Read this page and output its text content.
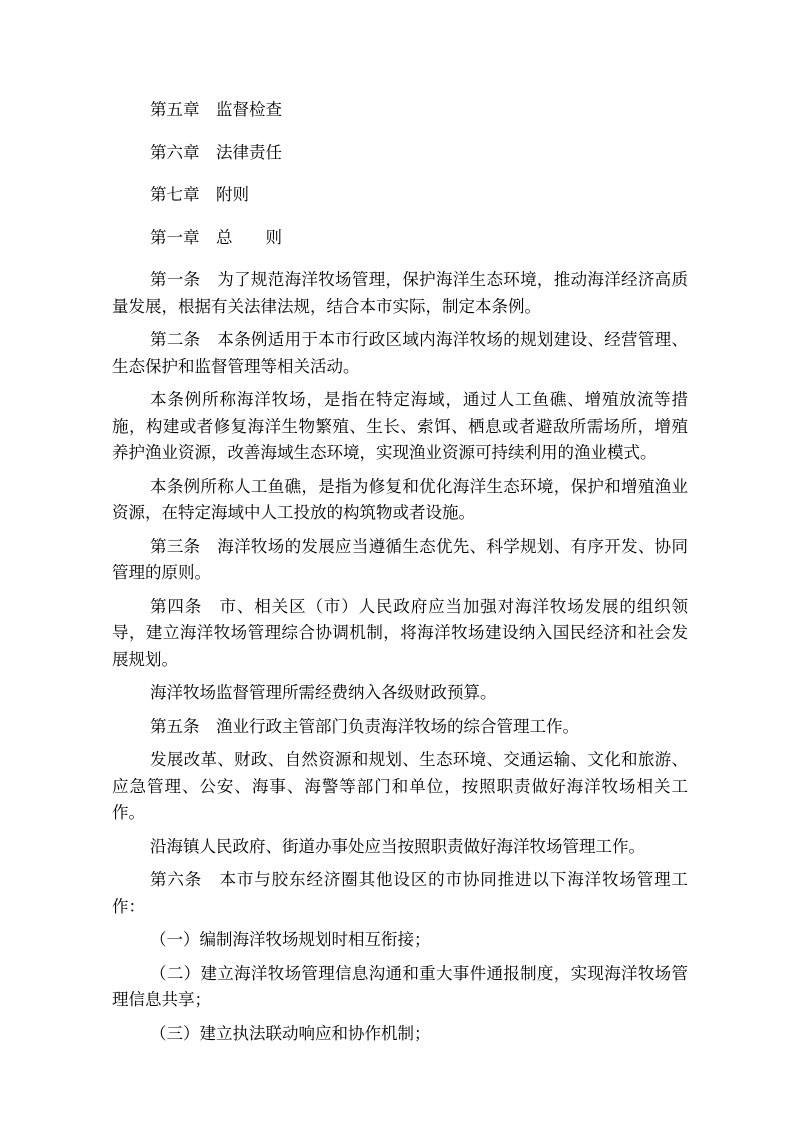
第五章　监督检查

第六章　法律责任

第七章　附则

第一章　总　　则

第一条　为了规范海洋牧场管理，保护海洋生态环境，推动海洋经济高质量发展，根据有关法律法规，结合本市实际，制定本条例。

第二条　本条例适用于本市行政区域内海洋牧场的规划建设、经营管理、生态保护和监督管理等相关活动。

本条例所称海洋牧场，是指在特定海域，通过人工鱼礁、增殖放流等措施，构建或者修复海洋生物繁殖、生长、索饵、栖息或者避敌所需场所，增殖养护渔业资源，改善海域生态环境，实现渔业资源可持续利用的渔业模式。

本条例所称人工鱼礁，是指为修复和优化海洋生态环境，保护和增殖渔业资源，在特定海域中人工投放的构筑物或者设施。

第三条　海洋牧场的发展应当遵循生态优先、科学规划、有序开发、协同管理的原则。

第四条　市、相关区（市）人民政府应当加强对海洋牧场发展的组织领导，建立海洋牧场管理综合协调机制，将海洋牧场建设纳入国民经济和社会发展规划。

海洋牧场监督管理所需经费纳入各级财政预算。

第五条　渔业行政主管部门负责海洋牧场的综合管理工作。

发展改革、财政、自然资源和规划、生态环境、交通运输、文化和旅游、应急管理、公安、海事、海警等部门和单位，按照职责做好海洋牧场相关工作。

沿海镇人民政府、街道办事处应当按照职责做好海洋牧场管理工作。

第六条　本市与胶东经济圈其他设区的市协同推进以下海洋牧场管理工作：

（一）编制海洋牧场规划时相互衔接；

（二）建立海洋牧场管理信息沟通和重大事件通报制度，实现海洋牧场管理信息共享；

（三）建立执法联动响应和协作机制；
